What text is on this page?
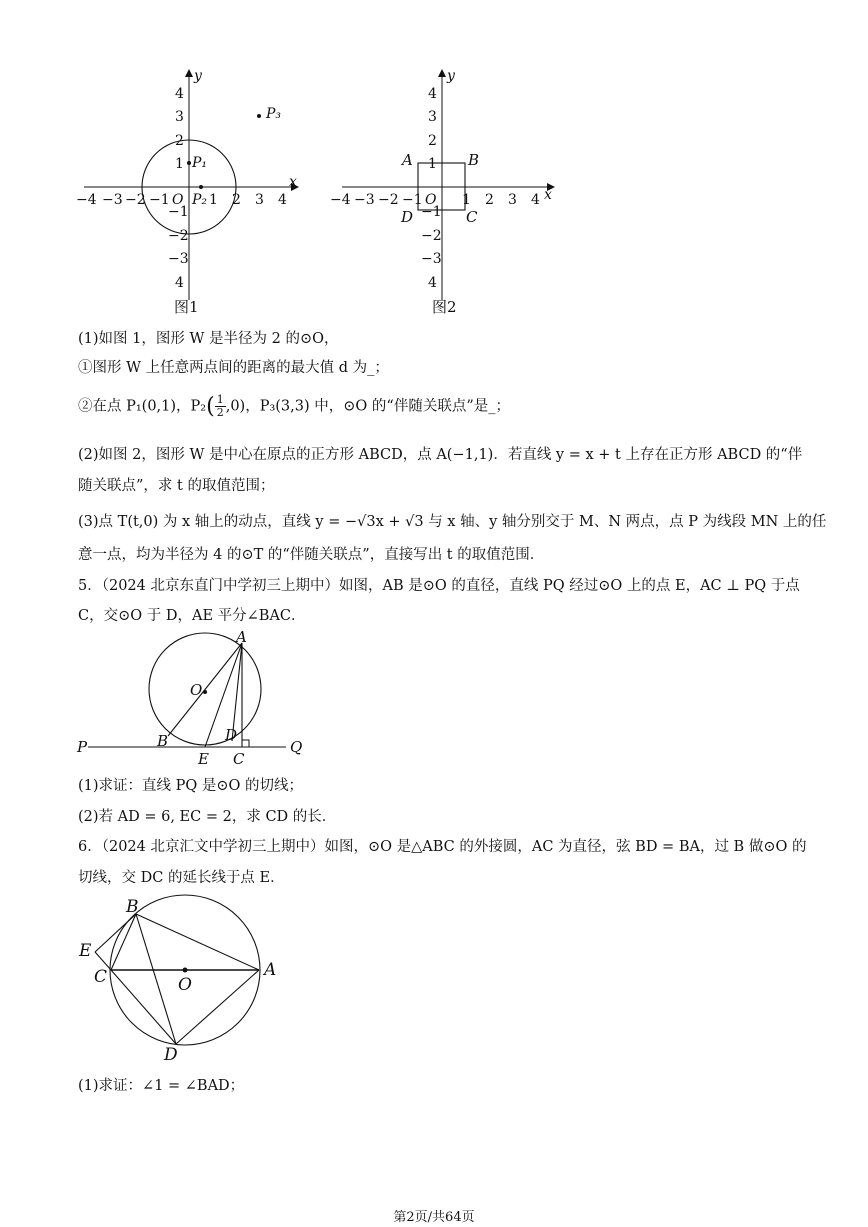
x
y
−4 −3 −2 −1 O 1 2 3 4
4
3
2
1
−1
−2
−3
4
P₁
P₂
P₃
图1
x
y
−4 −3 −2 −1 O 1 2 3 4
4
3
2
1
−1
−2
−3
4
A	B
C
D
图2
(1)如图 1，图形 W 是半径为 2 的⊙O，
①图形 W 上任意两点间的距离的最大值 d 为_；
②在点 P₁(0,1)，$P_2( \frac{1}{2} ,0)$，P₃(3,3) 中，⊙O 的“伴随关联点”是_；
(2)如图 2，图形 W 是中心在原点的正方形 ABCD，点 A(−1,1)．若直线 y = x + t 上存在正方形 ABCD 的“伴
随关联点”，求 t 的取值范围；
(3)点 T(t,0) 为 x 轴上的动点，直线 y = −√3x + √3 与 x 轴、y 轴分别交于 M、N 两点，点 P 为线段 MN 上的任
意一点，均为半径为 4 的⊙T 的“伴随关联点”，直接写出 t 的取值范围．
5．（2024 北京东直门中学初三上期中）如图，AB 是⊙O 的直径，直线 PQ 经过⊙O 上的点 E，AC ⊥ PQ 于点
C，交⊙O 于 D，AE 平分∠BAC．
A
O
B	D
E C
P	Q
(1)求证：直线 PQ 是⊙O 的切线；
(2)若 AD = 6, EC = 2，求 CD 的长．
6．（2024 北京汇文中学初三上期中）如图，⊙O 是△ABC 的外接圆，AC 为直径，弦 BD = BA，过 B 做⊙O 的
切线，交 DC 的延长线于点 E．
B
E
C	O
A
D
(1)求证：∠1 = ∠BAD；
第2页/共64页
